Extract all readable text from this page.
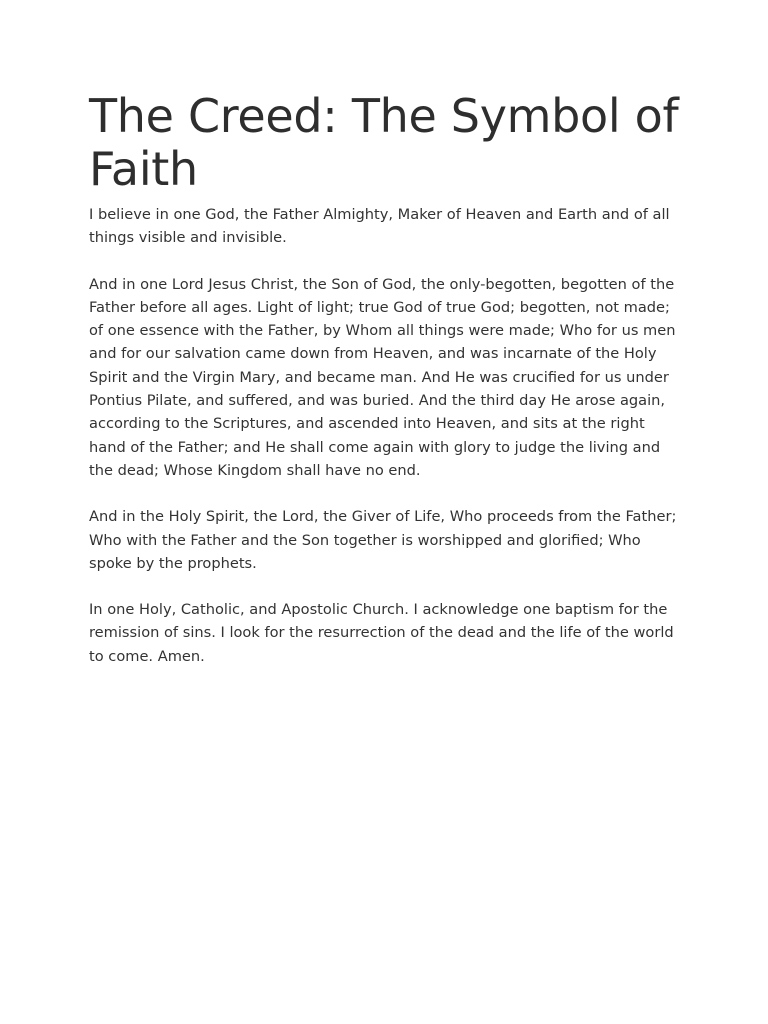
The Creed: The Symbol of Faith

I believe in one God, the Father Almighty, Maker of Heaven and Earth and of all things visible and invisible.

And in one Lord Jesus Christ, the Son of God, the only-begotten, begotten of the Father before all ages. Light of light; true God of true God; begotten, not made; of one essence with the Father, by Whom all things were made; Who for us men and for our salvation came down from Heaven, and was incarnate of the Holy Spirit and the Virgin Mary, and became man. And He was crucified for us under Pontius Pilate, and suffered, and was buried. And the third day He arose again, according to the Scriptures, and ascended into Heaven, and sits at the right hand of the Father; and He shall come again with glory to judge the living and the dead; Whose Kingdom shall have no end.

And in the Holy Spirit, the Lord, the Giver of Life, Who proceeds from the Father; Who with the Father and the Son together is worshipped and glorified; Who spoke by the prophets.

In one Holy, Catholic, and Apostolic Church. I acknowledge one baptism for the remission of sins. I look for the resurrection of the dead and the life of the world to come. Amen.
